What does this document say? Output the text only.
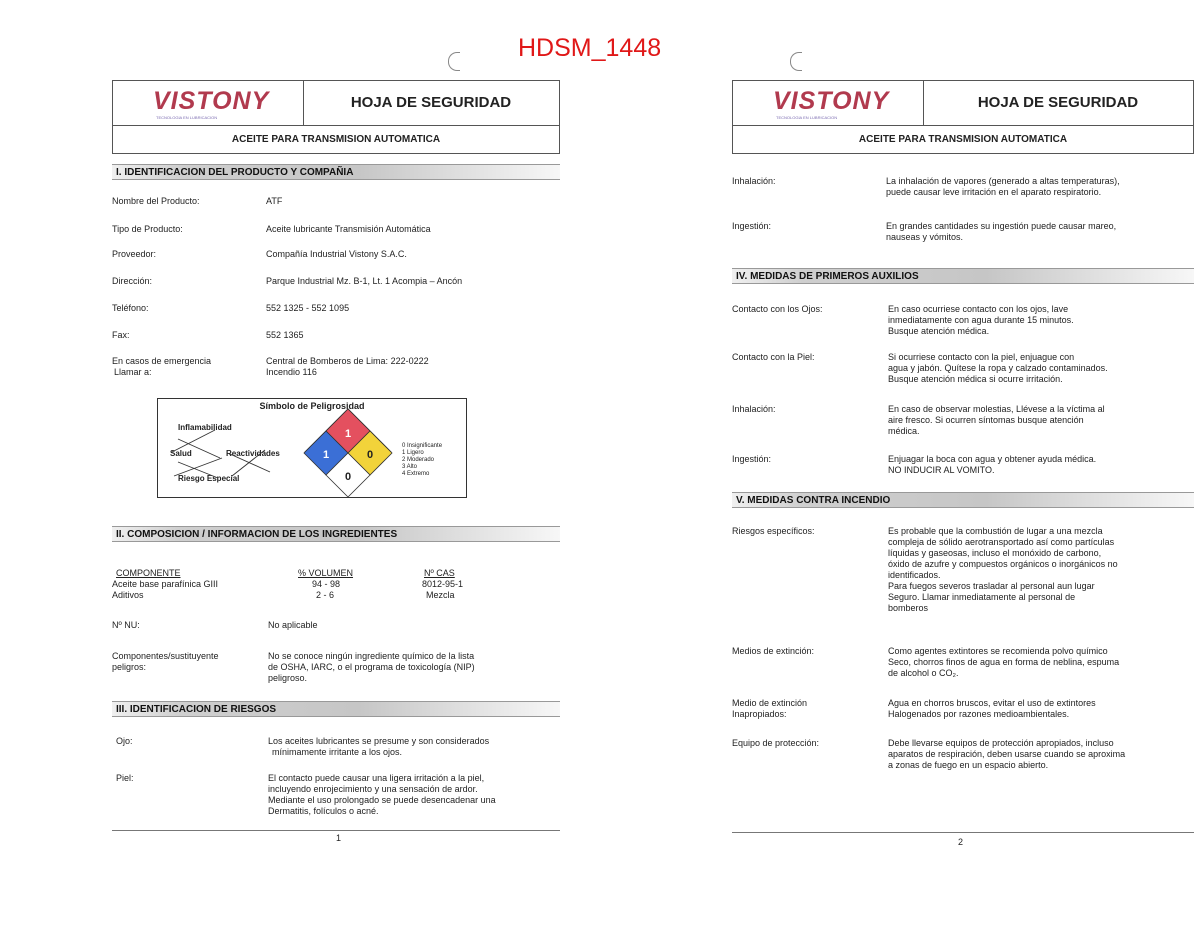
HDSM_1448
VISTONY
TECNOLOGIA EN LUBRICACION
HOJA DE SEGURIDAD
ACEITE PARA TRANSMISION AUTOMATICA
I. IDENTIFICACION DEL PRODUCTO Y COMPAÑIA
Nombre del Producto:	ATF
Tipo de Producto:	Aceite lubricante Transmisión Automática
Proveedor:	Compañía Industrial Vistony S.A.C.
Dirección:	Parque Industrial Mz. B-1, Lt. 1 Acompia – Ancón
Teléfono:	552 1325 - 552 1095
Fax:	552 1365
En casos de emergencia
Llamar a:
Central de Bomberos de Lima: 222-0222
Incendio 116
Símbolo de Peligrosidad
Inflamabilidad
Salud	Reactividades
Riesgo Especial
1
1	0
0
0 Insignificante
1 Ligero
2 Moderado
3 Alto
4 Extremo
II. COMPOSICION / INFORMACION DE LOS INGREDIENTES
COMPONENTE	% VOLUMEN	Nº CAS
Aceite base parafínica GIII	94 - 98	8012-95-1
Aditivos	2 - 6	Mezcla
Nº NU:	No aplicable
Componentes/sustituyente
peligros:
No se conoce ningún ingrediente químico de la lista
de OSHA, IARC, o el programa de toxicología (NIP)
peligroso.
III. IDENTIFICACION DE RIESGOS
Ojo:	Los aceites lubricantes se presume y son considerados
mínimamente irritante a los ojos.
Piel:	El contacto puede causar una ligera irritación a la piel,
incluyendo enrojecimiento y una sensación de ardor.
Mediante el uso prolongado se puede desencadenar una
Dermatitis, folículos o acné.
1
VISTONY
TECNOLOGIA EN LUBRICACION
HOJA DE SEGURIDAD
ACEITE PARA TRANSMISION AUTOMATICA
Inhalación:	La inhalación de vapores (generado a altas temperaturas),
puede causar leve irritación en el aparato respiratorio.
Ingestión:	En grandes cantidades su ingestión puede causar mareo,
nauseas y vómitos.
IV. MEDIDAS DE PRIMEROS AUXILIOS
Contacto con los Ojos:	En caso ocurriese contacto con los ojos, lave
inmediatamente con agua durante 15 minutos.
Busque atención médica.
Contacto con la Piel:	Si ocurriese contacto con la piel, enjuague con
agua y jabón. Quítese la ropa y calzado contaminados.
Busque atención médica si ocurre irritación.
Inhalación:	En caso de observar molestias, Llévese a la víctima al
aire fresco. Si ocurren síntomas busque atención
médica.
Ingestión:	Enjuagar la boca con agua y obtener ayuda médica.
NO INDUCIR AL VOMITO.
V. MEDIDAS CONTRA INCENDIO
Riesgos específicos:	Es probable que la combustión de lugar a una mezcla
compleja de sólido aerotransportado así como partículas
líquidas y gaseosas, incluso el monóxido de carbono,
óxido de azufre y compuestos orgánicos o inorgánicos no
identificados.
Para fuegos severos trasladar al personal aun lugar
Seguro. Llamar inmediatamente al personal de
bomberos
Medios de extinción:	Como agentes extintores se recomienda polvo químico
Seco, chorros finos de agua en forma de neblina, espuma
de alcohol o CO₂.
Medio de extinción
Inapropiados:
Agua en chorros bruscos, evitar el uso de extintores
Halogenados por razones medioambientales.
Equipo de protección:	Debe llevarse equipos de protección apropiados, incluso
aparatos de respiración, deben usarse cuando se aproxima
a zonas de fuego en un espacio abierto.
2
